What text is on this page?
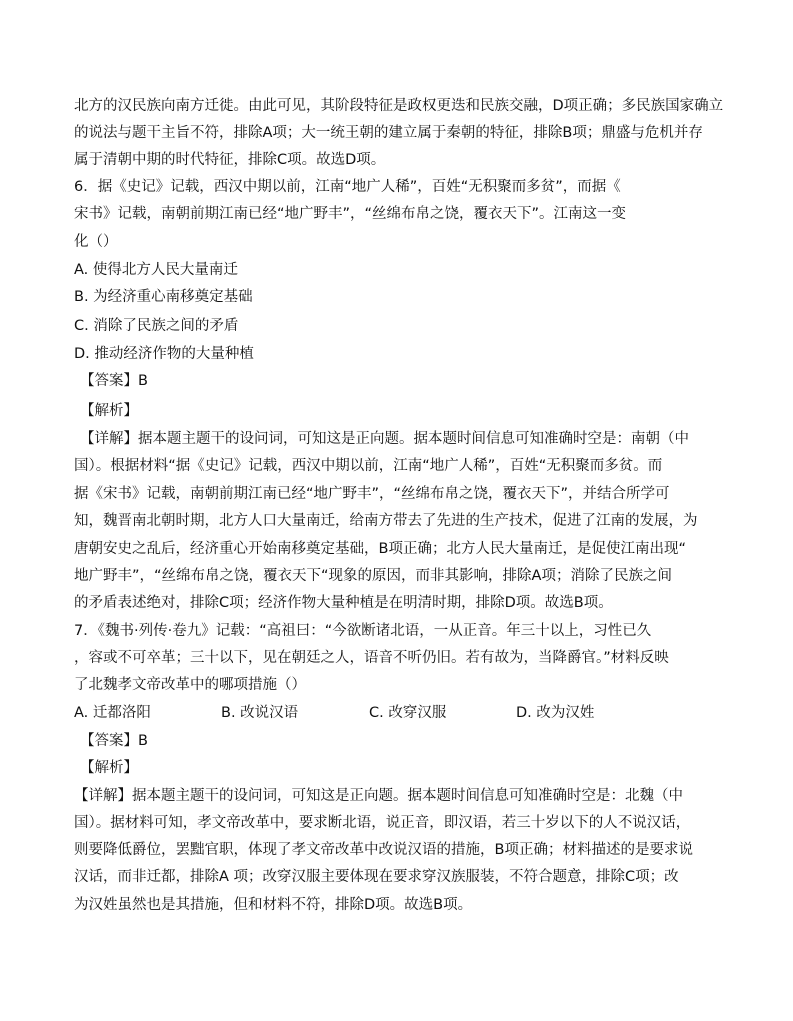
北方的汉民族向南方迁徙。由此可见，其阶段特征是政权更迭和民族交融，D项正确；多民族国家确立
的说法与题干主旨不符，排除A项；大一统王朝的建立属于秦朝的特征，排除B项；鼎盛与危机并存
属于清朝中期的时代特征，排除C项。故选D项。
6．据《史记》记载，西汉中期以前，江南“地广人稀”，百姓“无积聚而多贫”，而据《
宋书》记载，南朝前期江南已经“地广野丰”，“丝绵布帛之饶，覆衣天下”。江南这一变
化（）
A. 使得北方人民大量南迁
B. 为经济重心南移奠定基础
C. 消除了民族之间的矛盾
D. 推动经济作物的大量种植
【答案】B
【解析】
【详解】据本题主题干的设问词，可知这是正向题。据本题时间信息可知准确时空是：南朝（中
国）。根据材料“据《史记》记载，西汉中期以前，江南“地广人稀”，百姓“无积聚而多贫。而
据《宋书》记载，南朝前期江南已经“地广野丰”，“丝绵布帛之饶，覆衣天下”，并结合所学可
知，魏晋南北朝时期，北方人口大量南迁，给南方带去了先进的生产技术，促进了江南的发展，为
唐朝安史之乱后，经济重心开始南移奠定基础，B项正确；北方人民大量南迁，是促使江南出现“
地广野丰”，“丝绵布帛之饶，覆衣天下“现象的原因，而非其影响，排除A项；消除了民族之间
的矛盾表述绝对，排除C项；经济作物大量种植是在明清时期，排除D项。故选B项。
7．《魏书·列传·卷九》记载：“高祖曰：“今欲断诸北语，一从正音。年三十以上，习性已久
，容或不可卒革；三十以下，见在朝廷之人，语音不听仍旧。若有故为，当降爵官。”材料反映
了北魏孝文帝改革中的哪项措施（）
A. 迁都洛阳	B. 改说汉语	C. 改穿汉服	D. 改为汉姓
【答案】B
【解析】
【详解】据本题主题干的设问词，可知这是正向题。据本题时间信息可知准确时空是：北魏（中
国）。据材料可知，孝文帝改革中，要求断北语，说正音，即汉语，若三十岁以下的人不说汉话，
则要降低爵位，罢黜官职，体现了孝文帝改革中改说汉语的措施，B项正确；材料描述的是要求说
汉话，而非迁都，排除A 项；改穿汉服主要体现在要求穿汉族服装，不符合题意，排除C项；改
为汉姓虽然也是其措施，但和材料不符，排除D项。故选B项。
